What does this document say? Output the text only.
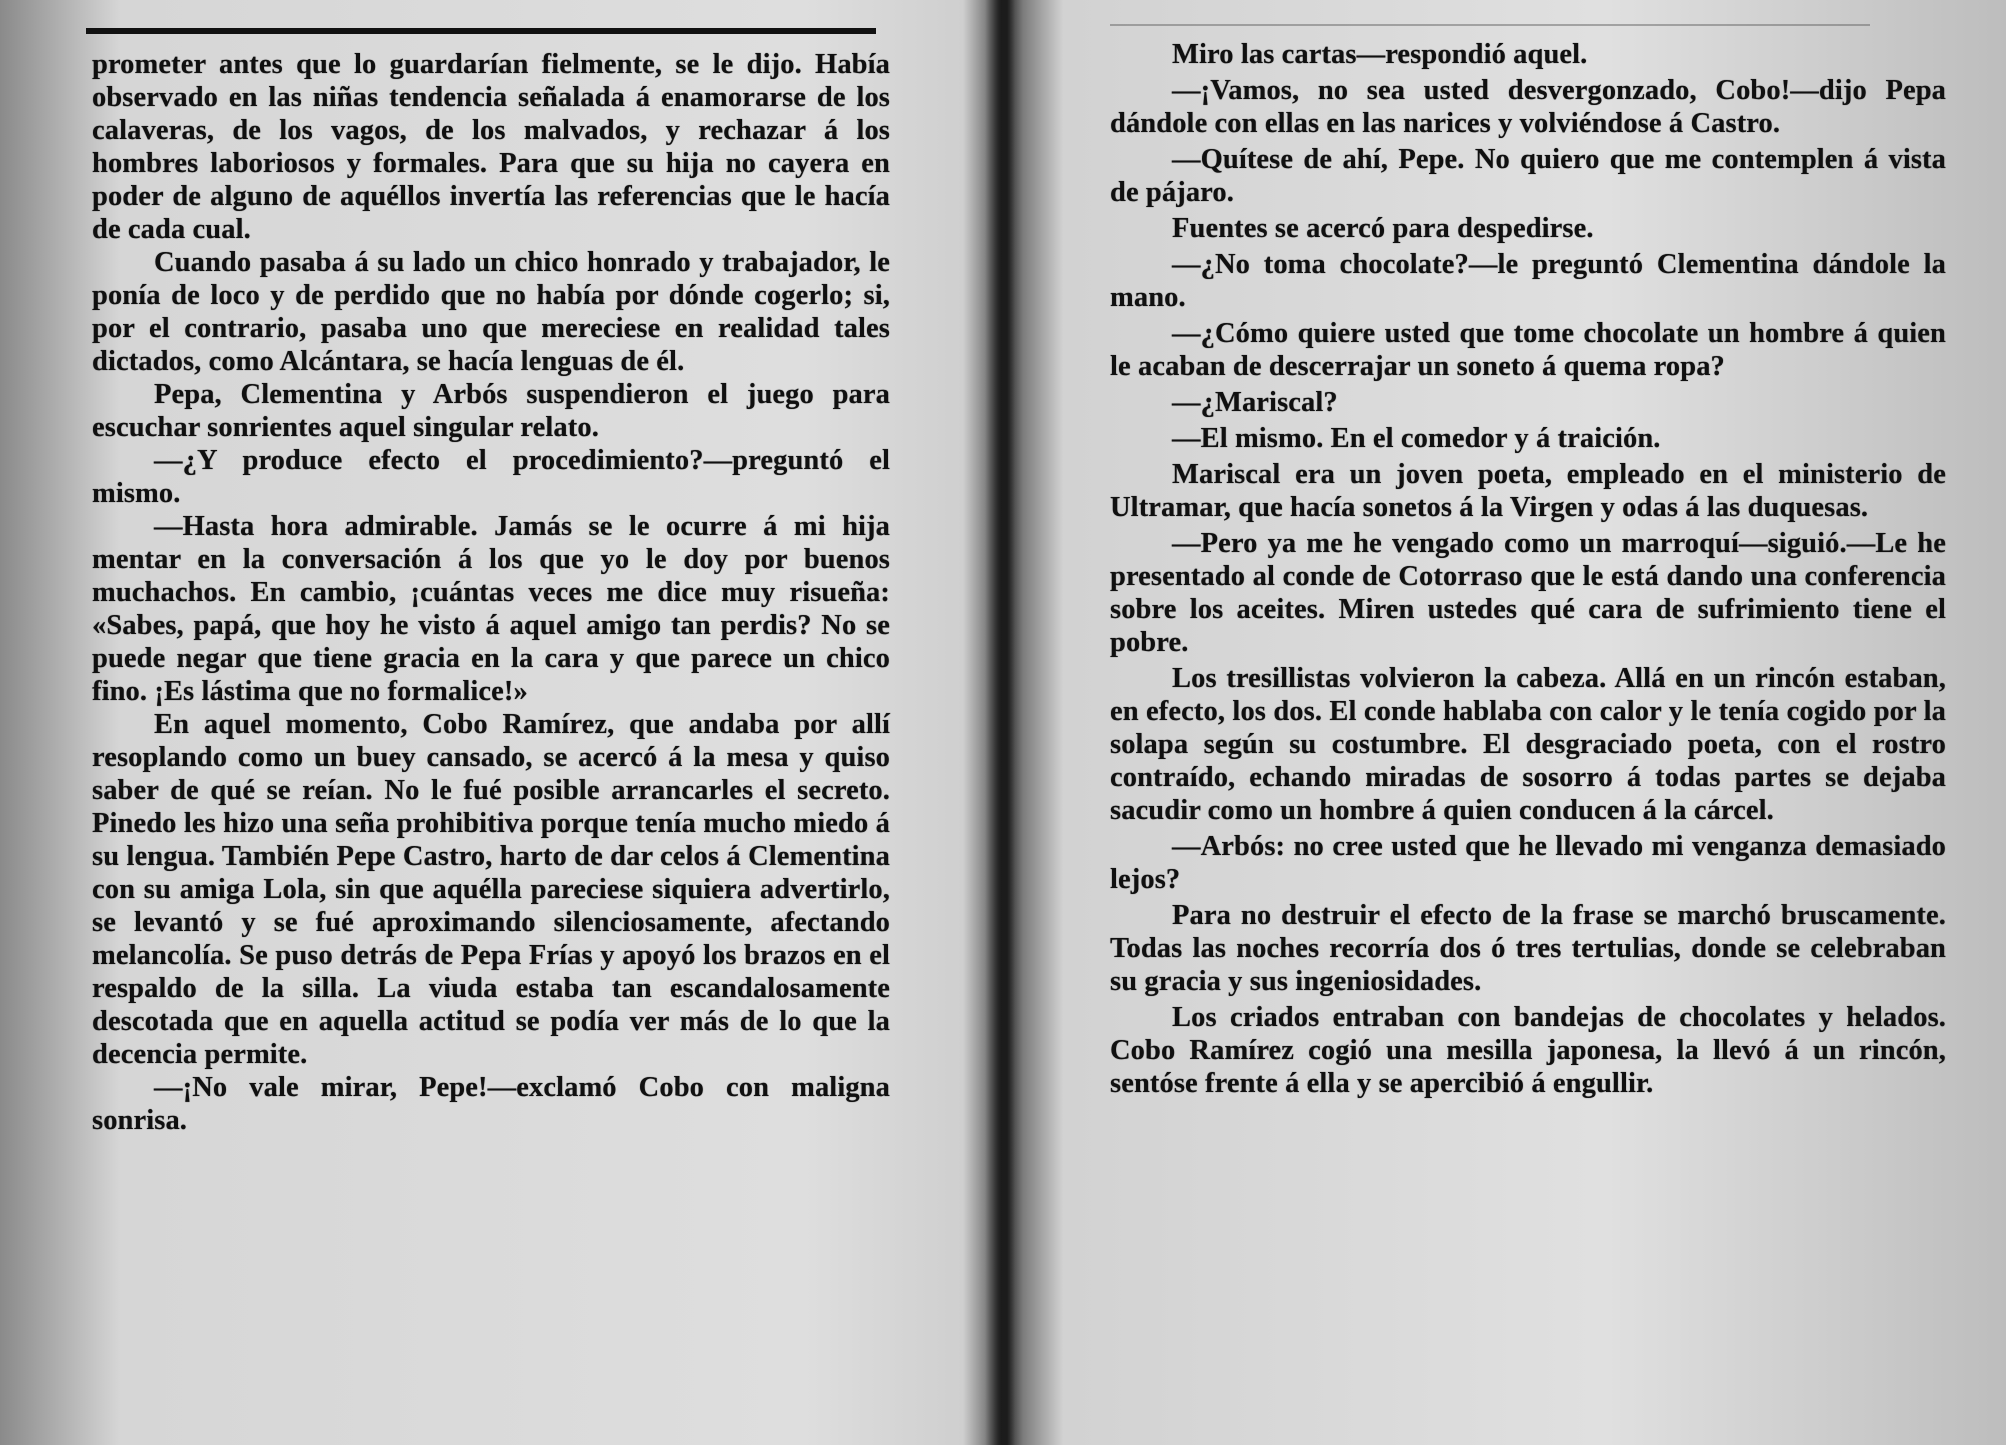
prometer antes que lo guardarían fielmente, se le dijo. Había observado en las niñas tendencia señalada á enamorarse de los calaveras, de los vagos, de los malvados, y rechazar á los hombres laboriosos y formales. Para que su hija no cayera en poder de alguno de aquéllos invertía las referencias que le hacía de cada cual.

Cuando pasaba á su lado un chico honrado y trabajador, le ponía de loco y de perdido que no había por dónde cogerlo; si, por el contrario, pasaba uno que mereciese en realidad tales dictados, como Alcántara, se hacía lenguas de él.

Pepa, Clementina y Arbós suspendieron el juego para escuchar sonrientes aquel singular relato.

—¿Y produce efecto el procedimiento?—preguntó el mismo.

—Hasta hora admirable. Jamás se le ocurre á mi hija mentar en la conversación á los que yo le doy por buenos muchachos. En cambio, ¡cuántas veces me dice muy risueña: «Sabes, papá, que hoy he visto á aquel amigo tan perdis? No se puede negar que tiene gracia en la cara y que parece un chico fino. ¡Es lástima que no formalice!»

En aquel momento, Cobo Ramírez, que andaba por allí resoplando como un buey cansado, se acercó á la mesa y quiso saber de qué se reían. No le fué posible arrancarles el secreto. Pinedo les hizo una seña prohibitiva porque tenía mucho miedo á su lengua. También Pepe Castro, harto de dar celos á Clementina con su amiga Lola, sin que aquélla pareciese siquiera advertirlo, se levantó y se fué aproximando silenciosamente, afectando melancolía. Se puso detrás de Pepa Frías y apoyó los brazos en el respaldo de la silla. La viuda estaba tan escandalosamente descotada que en aquella actitud se podía ver más de lo que la decencia permite.

—¡No vale mirar, Pepe!—exclamó Cobo con maligna sonrisa.

Miro las cartas—respondió aquel.

—¡Vamos, no sea usted desvergonzado, Cobo!—dijo Pepa dándole con ellas en las narices y volviéndose á Castro.

—Quítese de ahí, Pepe. No quiero que me contemplen á vista de pájaro.

Fuentes se acercó para despedirse.

—¿No toma chocolate?—le preguntó Clementina dándole la mano.

—¿Cómo quiere usted que tome chocolate un hombre á quien le acaban de descerrajar un soneto á quema ropa?

—¿Mariscal?

—El mismo. En el comedor y á traición.

Mariscal era un joven poeta, empleado en el ministerio de Ultramar, que hacía sonetos á la Virgen y odas á las duquesas.

—Pero ya me he vengado como un marroquí—siguió.—Le he presentado al conde de Cotorraso que le está dando una conferencia sobre los aceites. Miren ustedes qué cara de sufrimiento tiene el pobre.

Los tresillistas volvieron la cabeza. Allá en un rincón estaban, en efecto, los dos. El conde hablaba con calor y le tenía cogido por la solapa según su costumbre. El desgraciado poeta, con el rostro contraído, echando miradas de sosorro á todas partes se dejaba sacudir como un hombre á quien conducen á la cárcel.

—Arbós: no cree usted que he llevado mi venganza demasiado lejos?

Para no destruir el efecto de la frase se marchó bruscamente. Todas las noches recorría dos ó tres tertulias, donde se celebraban su gracia y sus ingeniosidades.

Los criados entraban con bandejas de chocolates y helados. Cobo Ramírez cogió una mesilla japonesa, la llevó á un rincón, sentóse frente á ella y se apercibió á engullir.
